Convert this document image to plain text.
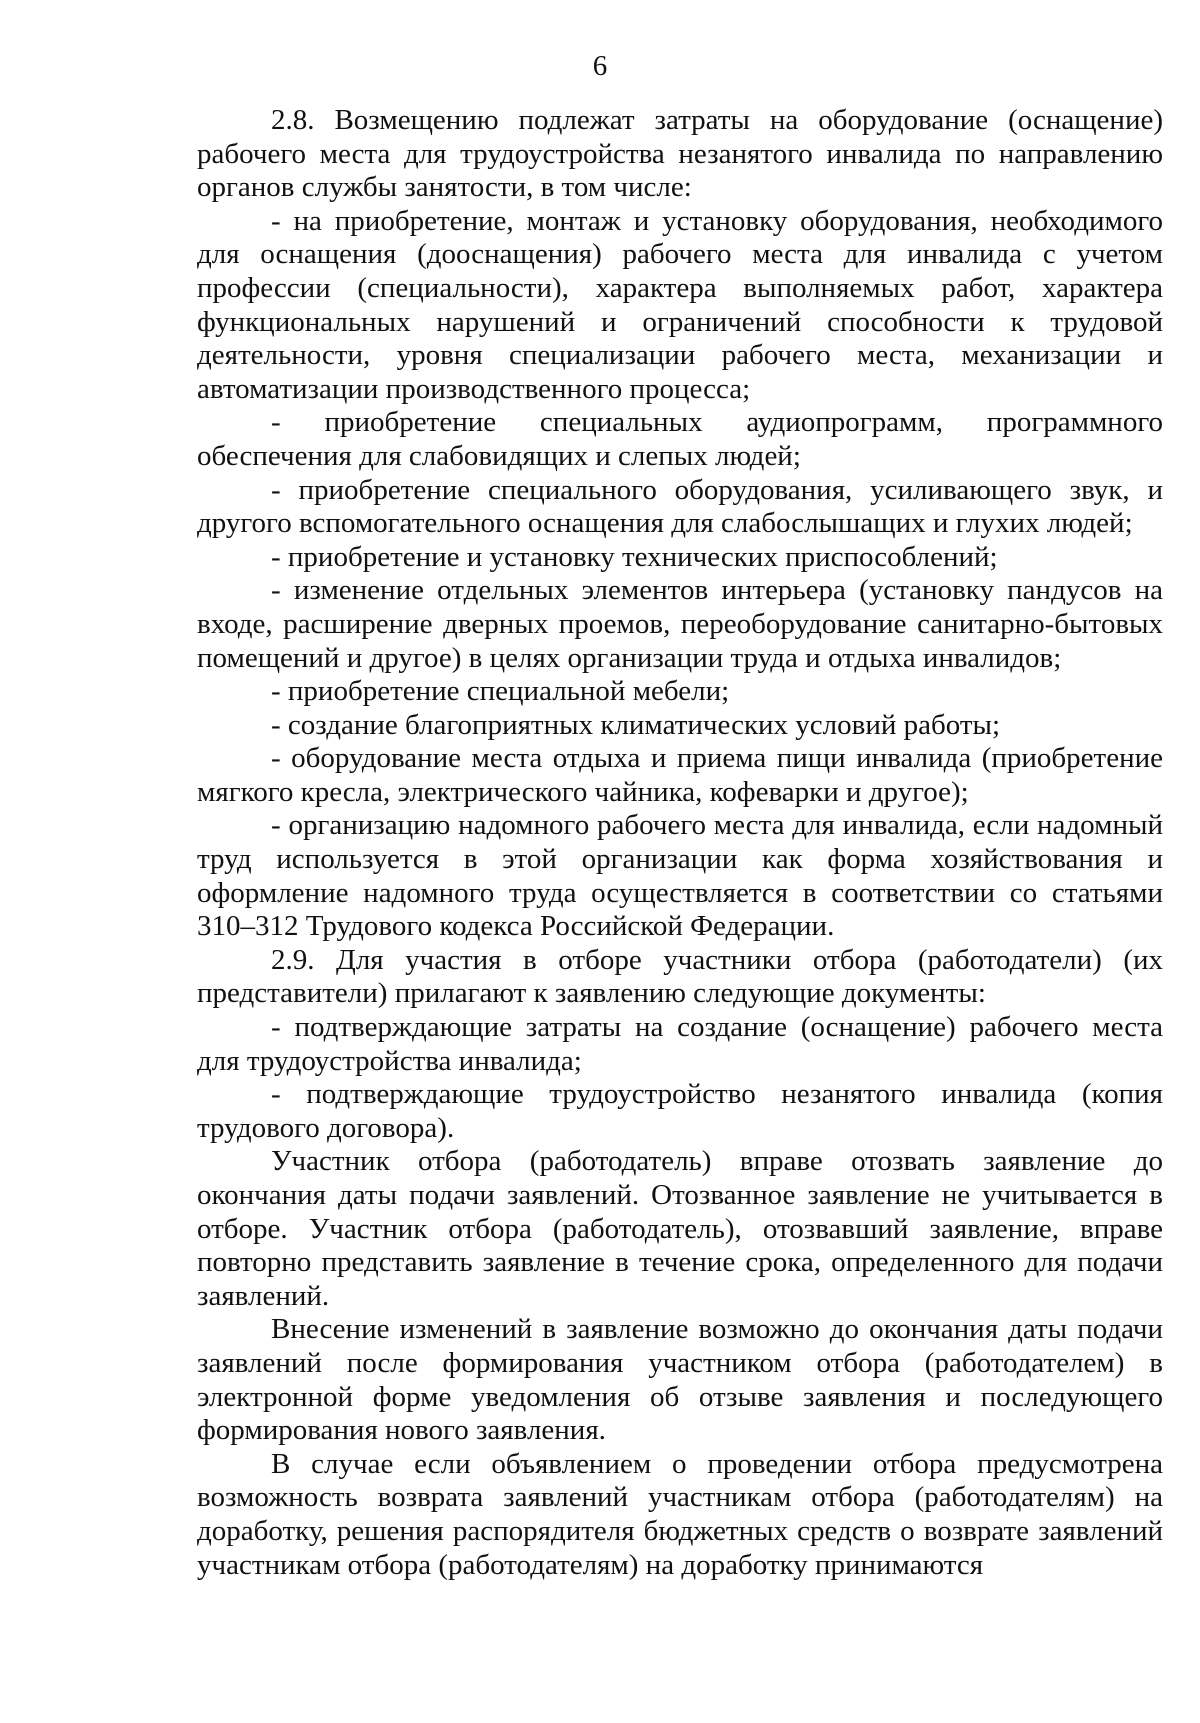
6

2.8. Возмещению подлежат затраты на оборудование (оснащение) рабочего места для трудоустройства незанятого инвалида по направлению органов службы занятости, в том числе:

- на приобретение, монтаж и установку оборудования, необходимого для оснащения (дооснащения) рабочего места для инвалида с учетом профессии (специальности), характера выполняемых работ, характера функциональных нарушений и ограничений способности к трудовой деятельности, уровня специализации рабочего места, механизации и автоматизации производственного процесса;

- приобретение специальных аудиопрограмм, программного обеспечения для слабовидящих и слепых людей;

- приобретение специального оборудования, усиливающего звук, и другого вспомогательного оснащения для слабослышащих и глухих людей;

- приобретение и установку технических приспособлений;

- изменение отдельных элементов интерьера (установку пандусов на входе, расширение дверных проемов, переоборудование санитарно-бытовых помещений и другое) в целях организации труда и отдыха инвалидов;

- приобретение специальной мебели;

- создание благоприятных климатических условий работы;

- оборудование места отдыха и приема пищи инвалида (приобретение мягкого кресла, электрического чайника, кофеварки и другое);

- организацию надомного рабочего места для инвалида, если надомный труд используется в этой организации как форма хозяйствования и оформление надомного труда осуществляется в соответствии со статьями 310–312 Трудового кодекса Российской Федерации.

2.9. Для участия в отборе участники отбора (работодатели) (их представители) прилагают к заявлению следующие документы:

- подтверждающие затраты на создание (оснащение) рабочего места для трудоустройства инвалида;

- подтверждающие трудоустройство незанятого инвалида (копия трудового договора).

Участник отбора (работодатель) вправе отозвать заявление до окончания даты подачи заявлений. Отозванное заявление не учитывается в отборе. Участник отбора (работодатель), отозвавший заявление, вправе повторно представить заявление в течение срока, определенного для подачи заявлений.

Внесение изменений в заявление возможно до окончания даты подачи заявлений после формирования участником отбора (работодателем) в электронной форме уведомления об отзыве заявления и последующего формирования нового заявления.

В случае если объявлением о проведении отбора предусмотрена возможность возврата заявлений участникам отбора (работодателям) на доработку, решения распорядителя бюджетных средств о возврате заявлений участникам отбора (работодателям) на доработку принимаются
